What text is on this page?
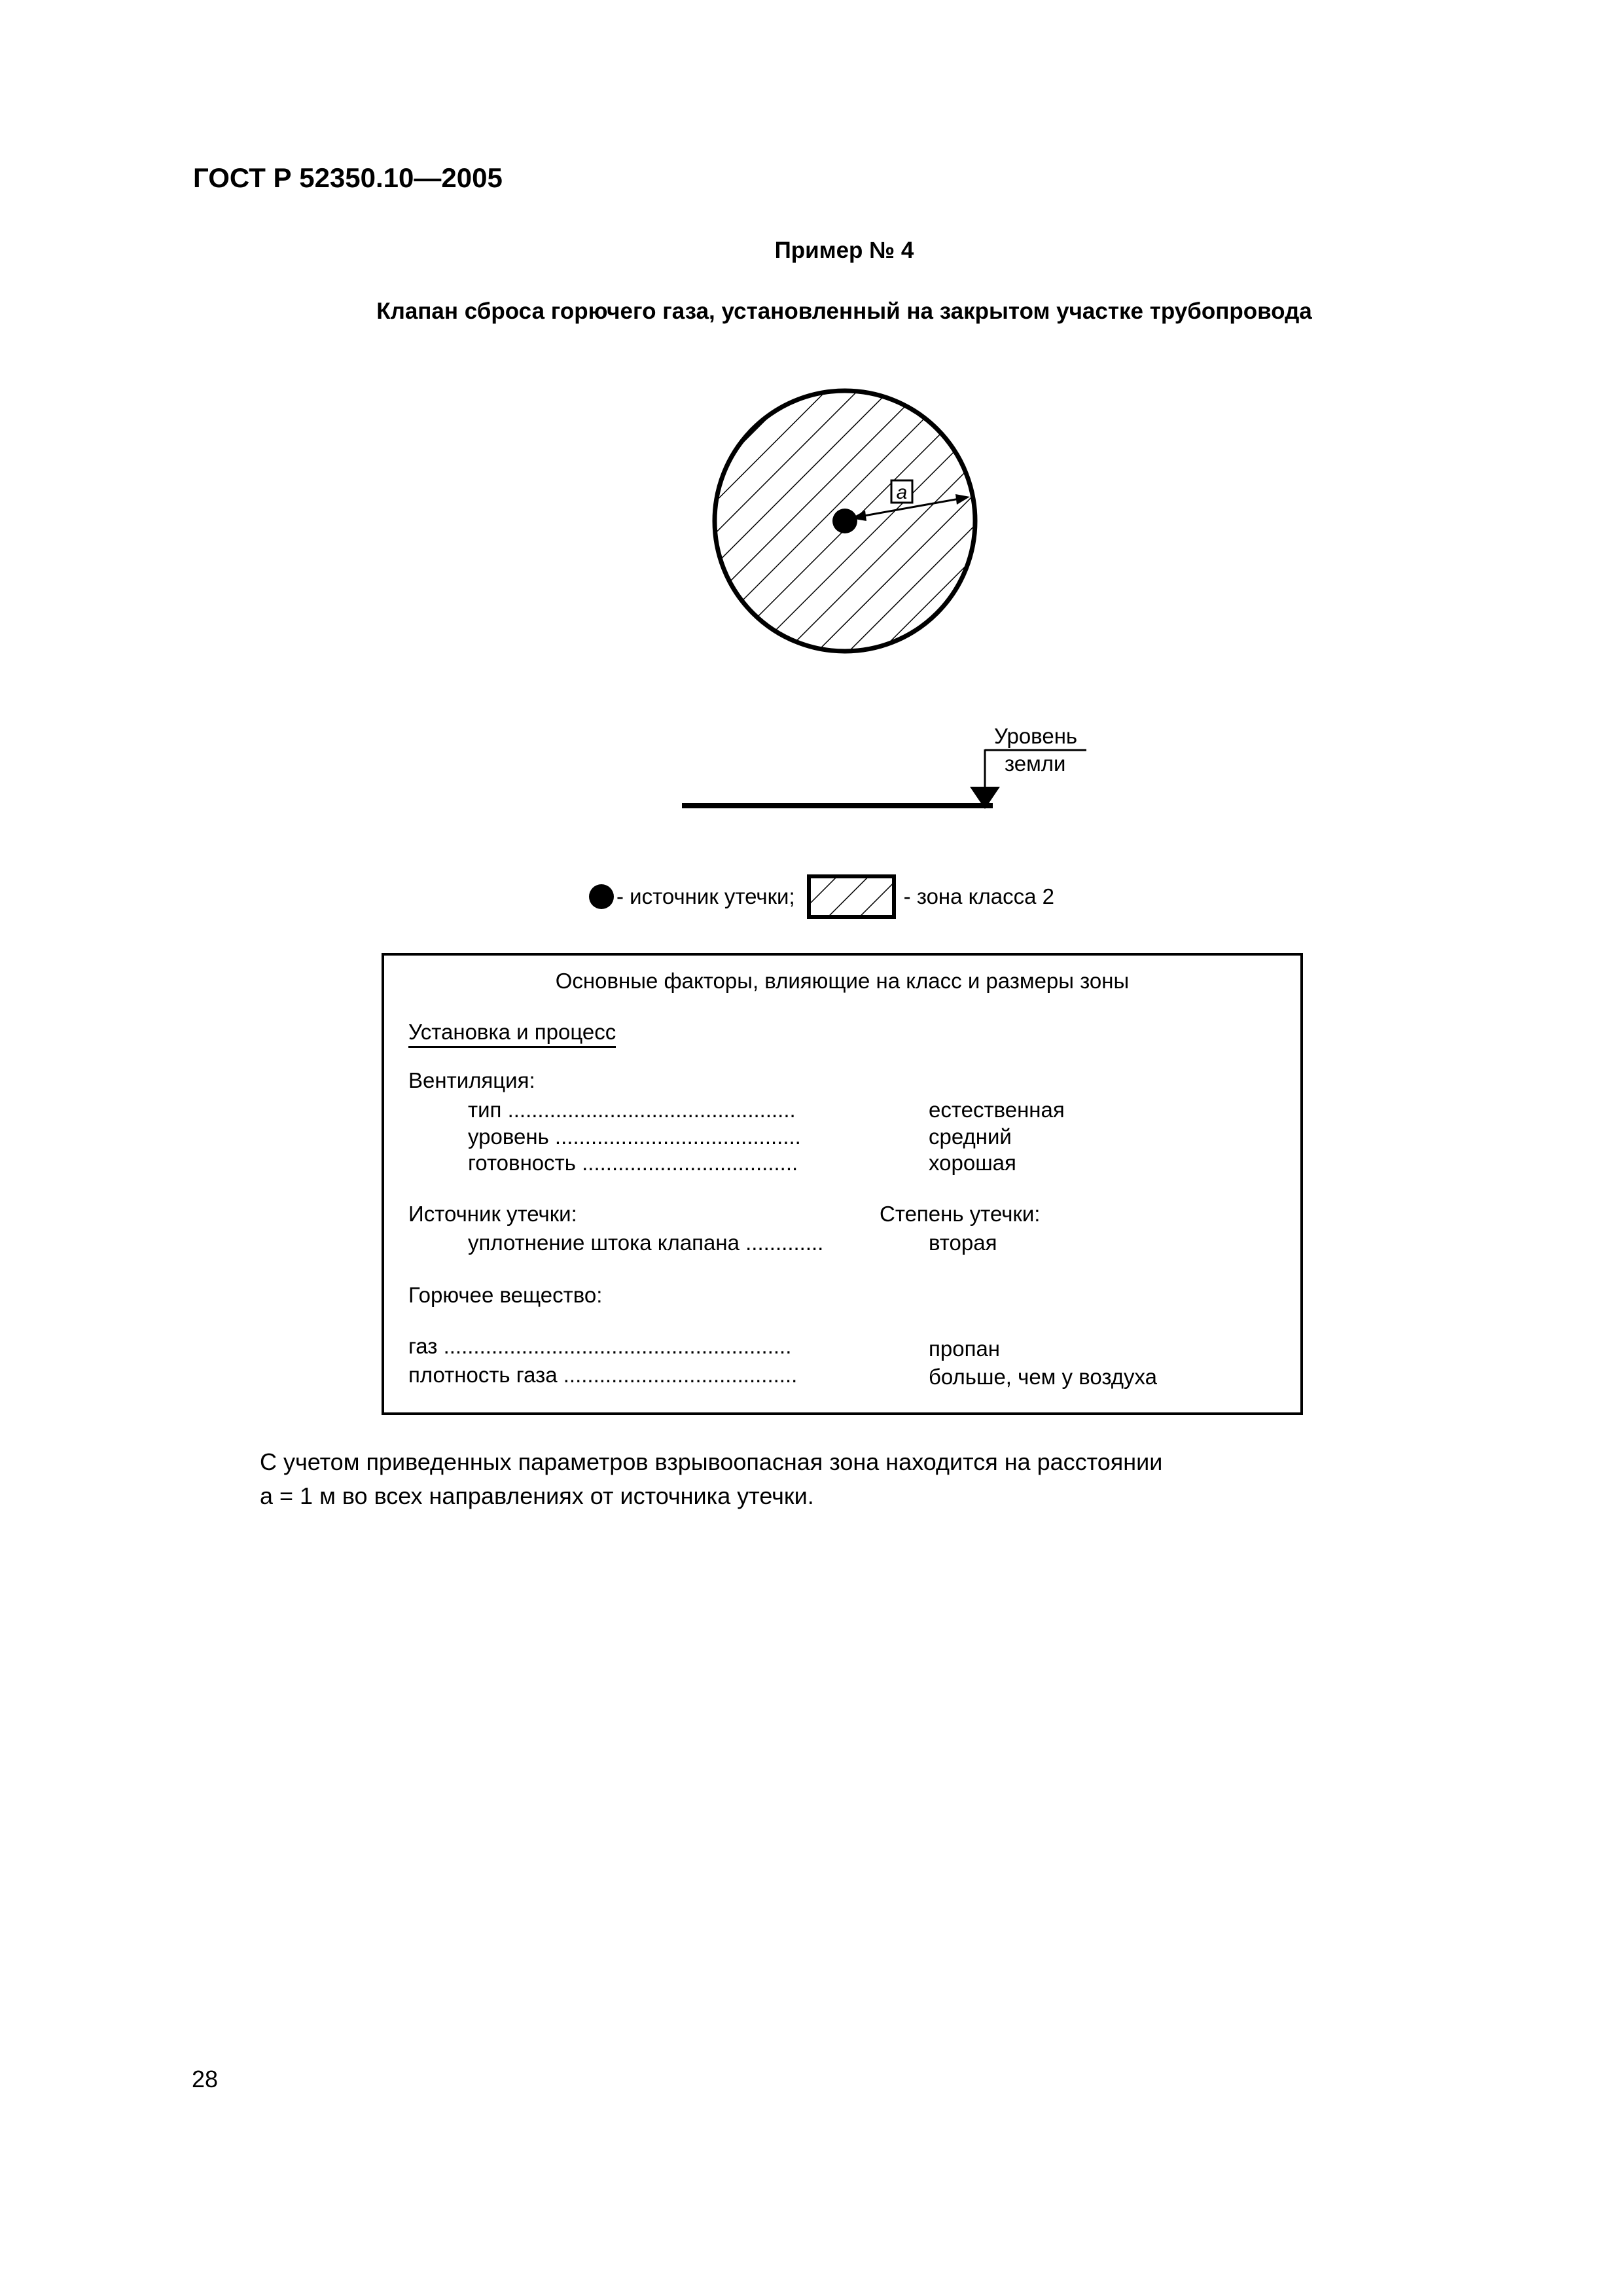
ГОСТ Р 52350.10—2005
Пример № 4
Клапан сброса горючего газа, установленный на закрытом участке трубопровода
a
Уровень
земли
- источник утечки;	- зона класса 2
Основные факторы, влияющие на класс и размеры зоны
Установка и процесс
Вентиляция:
тип ................................................	естественная
уровень .........................................	средний
готовность ....................................	хорошая
Источник утечки:	Степень утечки:
уплотнение штока клапана .............	вторая
Горючее вещество:
газ ..........................................................	пропан
плотность газа .......................................	больше, чем у воздуха
С учетом приведенных параметров взрывоопасная зона находится на расстоянии
а = 1 м во всех направлениях от источника утечки.
28
